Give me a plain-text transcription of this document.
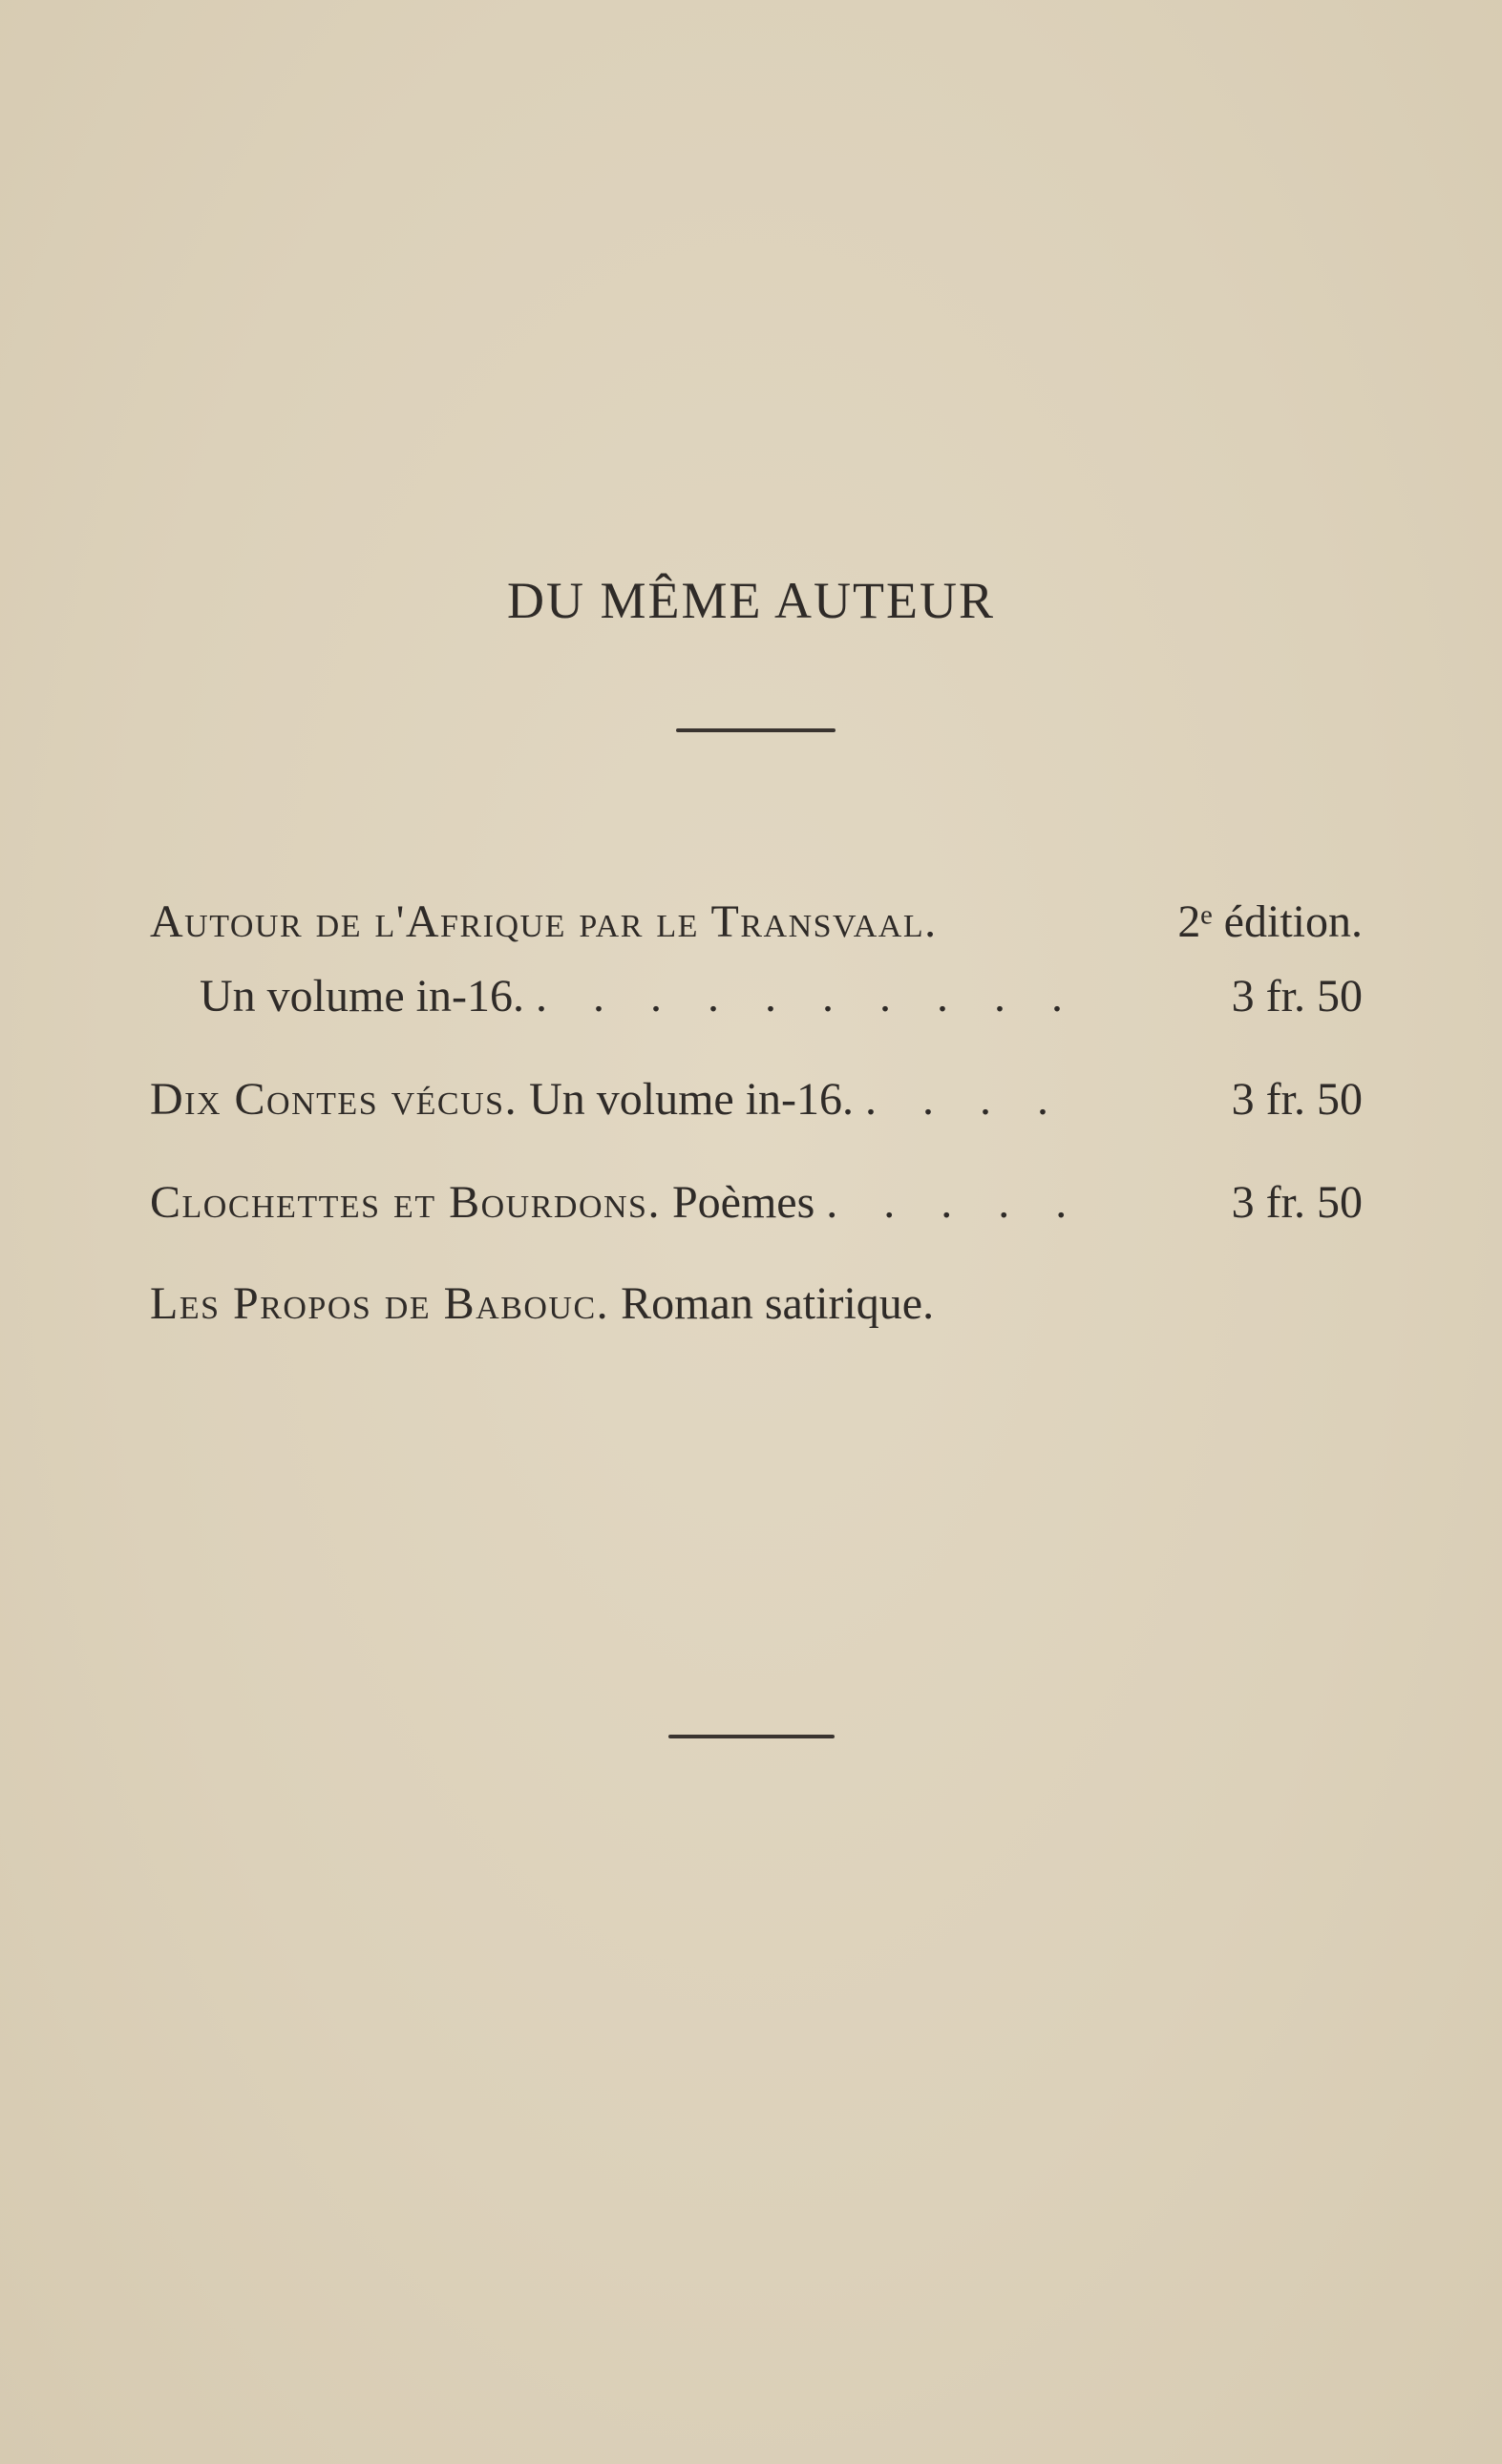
DU MÊME AUTEUR
Autour de l'Afrique par le Transvaal.	2ᵉ édition.
Un volume in-16. . . . . . . . . . .	3 fr. 50
Dix Contes vécus. Un volume in-16. . . . .	3 fr. 50
Clochettes et Bourdons. Poèmes . . . . .	3 fr. 50
Les Propos de Babouc. Roman satirique.
